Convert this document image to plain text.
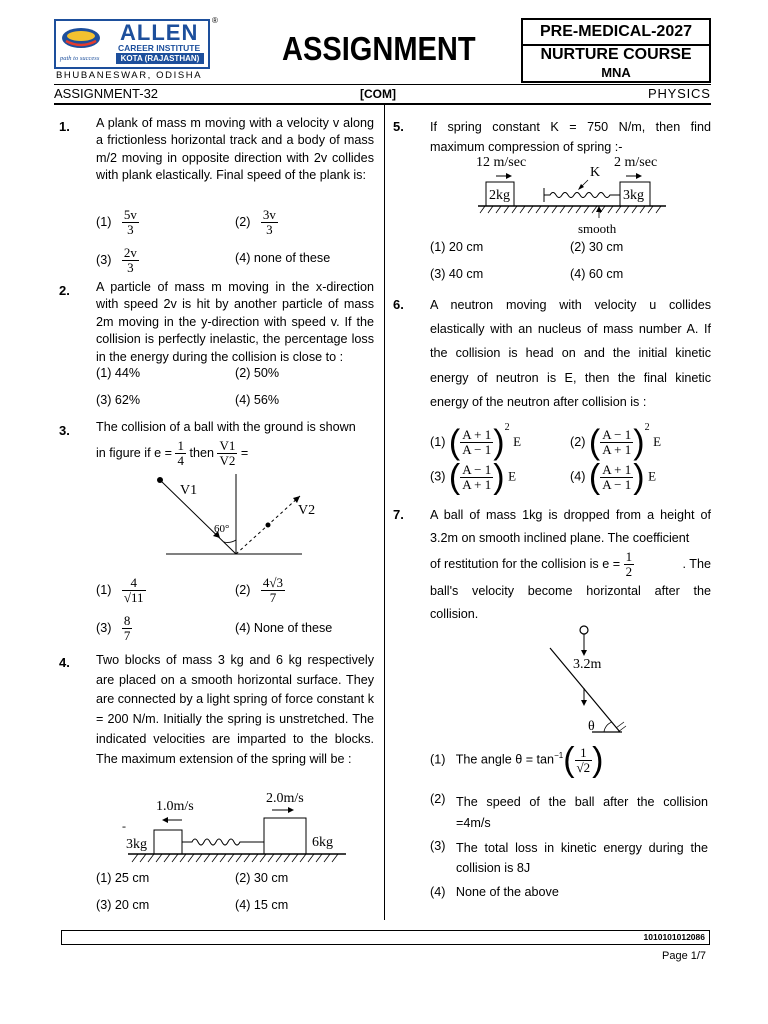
ALLEN
CAREER INSTITUTE
KOTA (RAJASTHAN)
path to success
®
BHUBANESWAR, ODISHA
ASSIGNMENT	PRE-MEDICAL-2027
NURTURE COURSE
MNA
ASSIGNMENT-32	[COM]	PHYSICS
1. A plank of mass m moving with a velocity v along a frictionless horizontal track and a body of mass m/2 moving in opposite direction with 2v collides with plank elastically. Final speed of the plank is:
$(1) \frac{5v}{3}$	$(2) \frac{3v}{3}$
$(3) \frac{2v}{3}$	(4) none of these
2. A particle of mass m moving in the x-direction with speed 2v is hit by another particle of mass 2m moving in the y-direction with speed v. If the collision is perfectly inelastic, the percentage loss in the energy during the collision is close to :
(1) 44%	(2) 50%
(3) 62%	(4) 56%
3. The collision of a ball with the ground is shown
in figure if $e = \frac{1}{4}$ then $\frac{V1}{V2}$ =
V1
V2
60°
$(1) \frac{4}{√11}$	$(2) \frac{4√3}{7}$
$(3) \frac{8}{7}$	(4) None of these
4. Two blocks of mass 3 kg and 6 kg respectively are placed on a smooth horizontal surface. They are connected by a light spring of force constant k = 200 N/m. Initially the spring is unstretched. The indicated velocities are imparted to the blocks. The maximum extension of the spring will be :
1.0m/s
2.0m/s
-
3kg	6kg
(1) 25 cm	(2) 30 cm
(3) 20 cm	(4) 15 cm
5. If spring constant K = 750 N/m, then find maximum compression of spring :-
12 m/sec	2 m/sec
K
2kg	3kg
smooth
(1) 20 cm	(2) 30 cm
(3) 40 cm	(4) 60 cm
6. A neutron moving with velocity u collides elastically with an nucleus of mass number A. If the collision is head on and the initial kinetic energy of neutron is E, then the final kinetic energy of the neutron after collision is :
(1) ( $\frac{A + 1}{A - 1} )^2$ E	(2) ( $\frac{A - 1}{A + 1} )^2$ E
(3) ( $\frac{A - 1}{A + 1}$ ) E	(4) ( $\frac{A + 1}{A - 1}$ ) E
7. A ball of mass 1kg is dropped from a height of 3.2m on smooth inclined plane. The coefficient
of restitution for the collision is $e = \frac{1}{2}$	. The
ball's velocity become horizontal after the collision.
3.2m
θ
(1) The angle $\theta = \tan^{-1}( \frac{1}{√2}$ )
(2) The speed of the ball after the collision =4m/s
(3) The total loss in kinetic energy during the collision is 8J
(4) None of the above
1010101012086
Page 1/7
